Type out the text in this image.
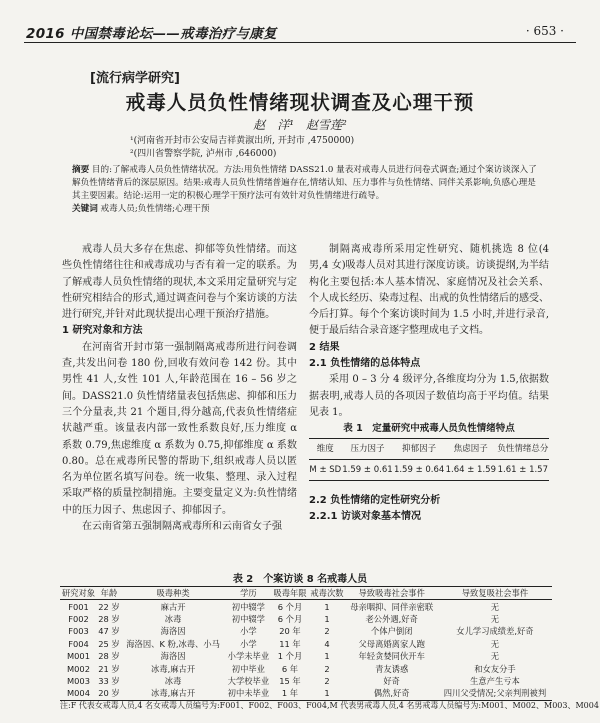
2016 中国禁毒论坛——戒毒治疗与康复	· 653 ·
[流行病学研究]
戒毒人员负性情绪现状调查及心理干预
赵　洋¹　赵雪莲²
¹(河南省开封市公安局吉祥黄淑出所, 开封市 ,4750000)
²(四川省警察学院, 泸州市 ,646000)

摘要 目的:了解戒毒人员负性情绪状况。方法:用负性情绪 DASS21.0 量表对戒毒人员进行问卷式调查;通过个案访谈深入了解负性情绪背后的深层原因。结果:戒毒人员负性情绪普遍存在,情绪认知、压力事件与负性情绪、同伴关系影响,负感心理是其主要因素。结论:运用一定的积极心理学干预疗法可有效针对负性情绪进行疏导。

关键词 戒毒人员;负性情绪;心理干预

戒毒人员大多存在焦虑、抑郁等负性情绪。而这些负性情绪往往和戒毒成功与否有着一定的联系。为了解戒毒人员负性情绪的现状,本文采用定量研究与定性研究相结合的形式,通过调查问卷与个案访谈的方法进行研究,并针对此现状提出心理干预治疗措施。

1 研究对象和方法

在河南省开封市第一强制隔离戒毒所进行问卷调查,共发出问卷 180 份,回收有效问卷 142 份。其中男性 41 人,女性 101 人,年龄范围在 16 – 56 岁之间。DASS21.0 负性情绪量表包括焦虑、抑郁和压力三个分量表,共 21 个题目,得分越高,代表负性情绪症状越严重。该量表内部一致性系数良好,压力维度 α 系数 0.79,焦虑维度 α 系数为 0.75,抑郁维度 α 系数 0.80。总在戒毒所民警的帮助下,组织戒毒人员以匿名为单位匿名填写问卷。统一收集、整理、录入过程采取严格的质量控制措施。主要变量定义为:负性情绪中的压力因子、焦虑因子、抑郁因子。

在云南省第五强制隔离戒毒所和云南省女子强

制隔离戒毒所采用定性研究、随机挑选 8 位(4 男,4 女)吸毒人员对其进行深度访谈。访谈提纲,为半结构化主要包括:本人基本情况、家庭情况及社会关系、个人成长经历、染毒过程、出戒的负性情绪后的感受、今后打算。每个个案访谈时间为 1.5 小时,并进行录音,便于最后结合录音逐字整理成电子文档。

2 结果

2.1 负性情绪的总体特点

采用 0 – 3 分 4 级评分,各维度均分为 1.5,依据数据表明,戒毒人员的各项因子数值均高于平均值。结果见表 1。

表 1　定量研究中戒毒人员负性情绪特点

维度	压力因子	抑郁因子	焦虑因子	负性情绪总分
M ± SD	1.59 ± 0.61	1.59 ± 0.64	1.64 ± 1.59	1.61 ± 1.57

2.2 负性情绪的定性研究分析

2.2.1 访谈对象基本情况

表 2　个案访谈 8 名戒毒人员
研究对象	年龄	吸毒种类	学历	吸毒年限	戒毒次数	导致吸毒社会事件	导致复吸社会事件
F001	22 岁	麻古开	初中辍学	6 个月	1	母亲咽抑、同伴亲密联	无
F002	28 岁	冰毒	初中辍学	6 个月	1	老公外遇,好奇	无
F003	47 岁	海洛因	小学	20 年	2	个体户倒闭	女儿学习成绩差,好奇
F004	25 岁	海洛因、K 粉,冰毒、小马	小学	11 年	4	父母离婚离家人跑	无
M001	28 岁	海洛因	小学未毕业	1 个月	1	年轻贪婪同伙开车	无
M002	21 岁	冰毒,麻古开	初中毕业	6 年	2	青友诱惑	和女友分手
M003	33 岁	冰毒	大学校毕业	15 年	2	好奇	生意产生亏本
M004	20 岁	冰毒,麻古开	初中未毕业	1 年	1	偶然,好奇	四川父受情况;父亲判刑被判
注:F 代表女戒毒人员,4 名女戒毒人员编号为:F001、F002、F003、F004,M 代表男戒毒人员,4 名男戒毒人员编号为:M001、M002、M003、M004
